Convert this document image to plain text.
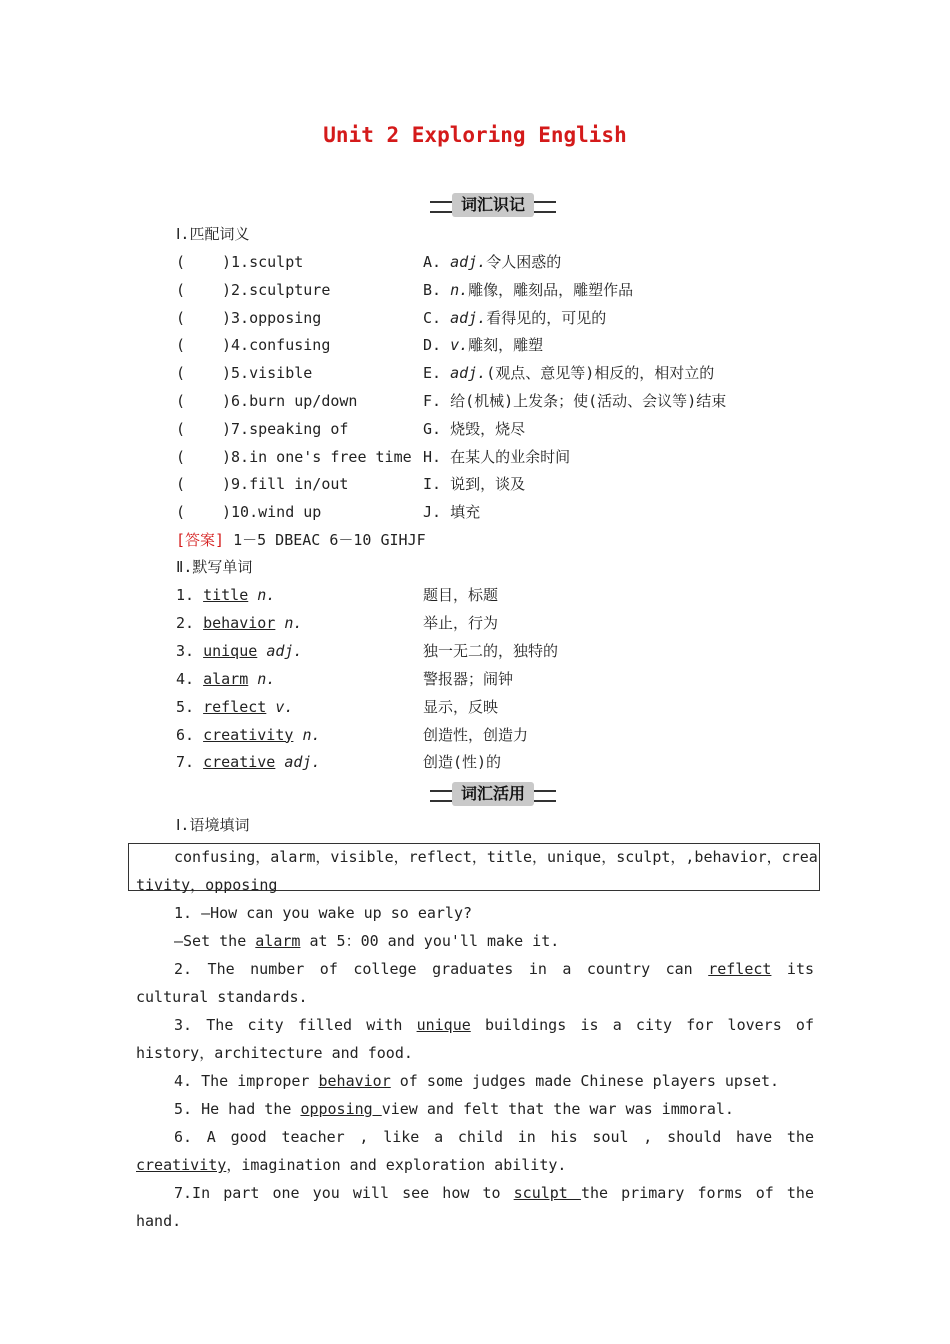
Unit 2 Exploring English
词汇识记
Ⅰ.匹配词义
( )1.sculpt	A. adj.令人困惑的
( )2.sculpture	B. n.雕像，雕刻品，雕塑作品
( )3.opposing	C. adj.看得见的，可见的
( )4.confusing	D. v.雕刻，雕塑
( )5.visible	E. adj.(观点、意见等)相反的，相对立的
( )6.burn up/down	F. 给(机械)上发条；使(活动、会议等)结束
( )7.speaking of	G. 烧毁，烧尽
( )8.in one's free time H. 在某人的业余时间
( )9.fill in/out	I. 说到，谈及
( )10.wind up	J. 填充
[答案] 1－5 DBEAC 6－10 GIHJF
Ⅱ.默写单词
1. title n.	题目，标题
2. behavior n.	举止，行为
3. unique adj.	独一无二的，独特的
4. alarm n.	警报器；闹钟
5. reflect v.	显示，反映
6. creativity n.	创造性，创造力
7. creative adj.	创造(性)的
词汇活用
Ⅰ.语境填词
confusing，alarm，visible，reflect，title，unique，sculpt，,behavior，creativity，opposing
1. —How can you wake up so early?
—Set the alarm at 5：00 and you'll make it.
2. The number of college graduates in a country can reflect its cultural standards.
3. The city filled with unique buildings is a city for lovers of history，architecture and food.
4. The improper behavior of some judges made Chinese players upset.
5. He had the opposing view and felt that the war was immoral.
6. A good teacher , like a child in his soul , should have the creativity，imagination and exploration ability.
7.In part one you will see how to sculpt the primary forms of the hand.
